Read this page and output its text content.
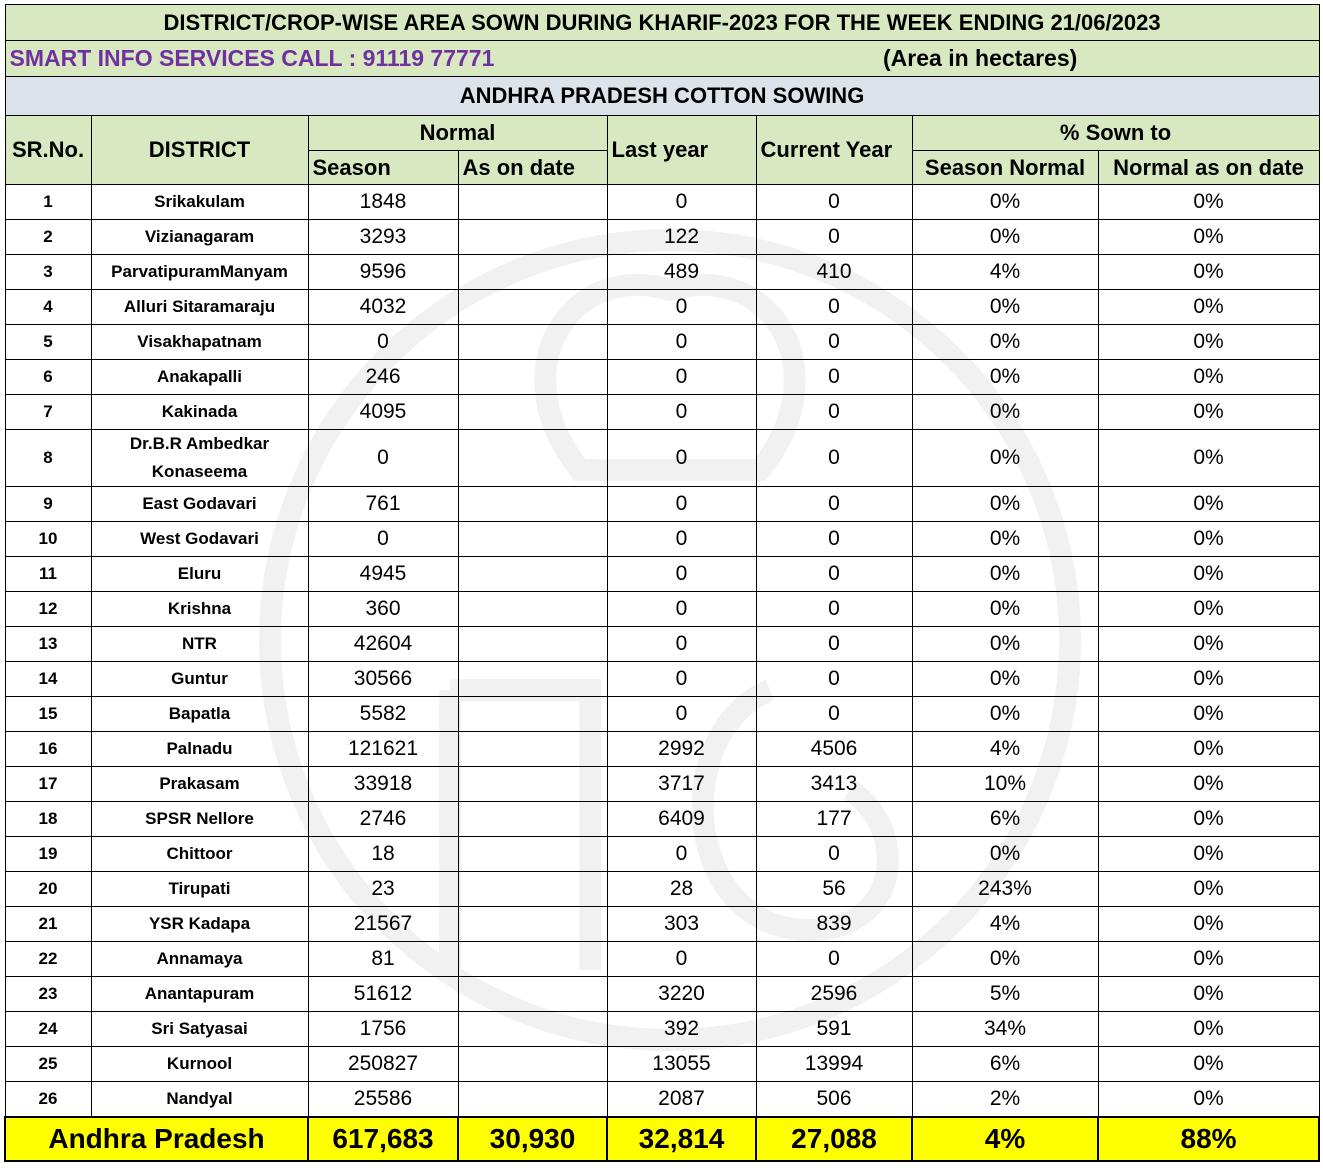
DISTRICT/CROP-WISE AREA SOWN DURING KHARIF-2023 FOR THE WEEK ENDING 21/06/2023							
SMART INFO SERVICES CALL : 91119 77771 (Area in hectares)							

ANDHRA PRADESH COTTON SOWING							
SR.No.	DISTRICT	Normal		Last year	Current Year	% Sown to	
		Season	As on date			Season Normal	Normal as on date
1	Srikakulam	1848		0	0	0%	0%
2	Vizianagaram	3293		122	0	0%	0%
3	ParvatipuramManyam	9596		489	410	4%	0%
4	Alluri Sitaramaraju	4032		0	0	0%	0%
5	Visakhapatnam	0		0	0	0%	0%
6	Anakapalli	246		0	0	0%	0%
7	Kakinada	4095		0	0	0%	0%
8	Dr.B.R Ambedkar Konaseema	0		0	0	0%	0%
9	East Godavari	761		0	0	0%	0%
10	West Godavari	0		0	0	0%	0%
11	Eluru	4945		0	0	0%	0%
12	Krishna	360		0	0	0%	0%
13	NTR	42604		0	0	0%	0%
14	Guntur	30566		0	0	0%	0%
15	Bapatla	5582		0	0	0%	0%
16	Palnadu	121621		2992	4506	4%	0%
17	Prakasam	33918		3717	3413	10%	0%
18	SPSR Nellore	2746		6409	177	6%	0%
19	Chittoor	18		0	0	0%	0%
20	Tirupati	23		28	56	243%	0%
21	YSR Kadapa	21567		303	839	4%	0%
22	Annamaya	81		0	0	0%	0%
23	Anantapuram	51612		3220	2596	5%	0%
24	Sri Satyasai	1756		392	591	34%	0%
25	Kurnool	250827		13055	13994	6%	0%
26	Nandyal	25586		2087	506	2%	0%
Andhra Pradesh		617,683	30,930	32,814	27,088	4%	88%
